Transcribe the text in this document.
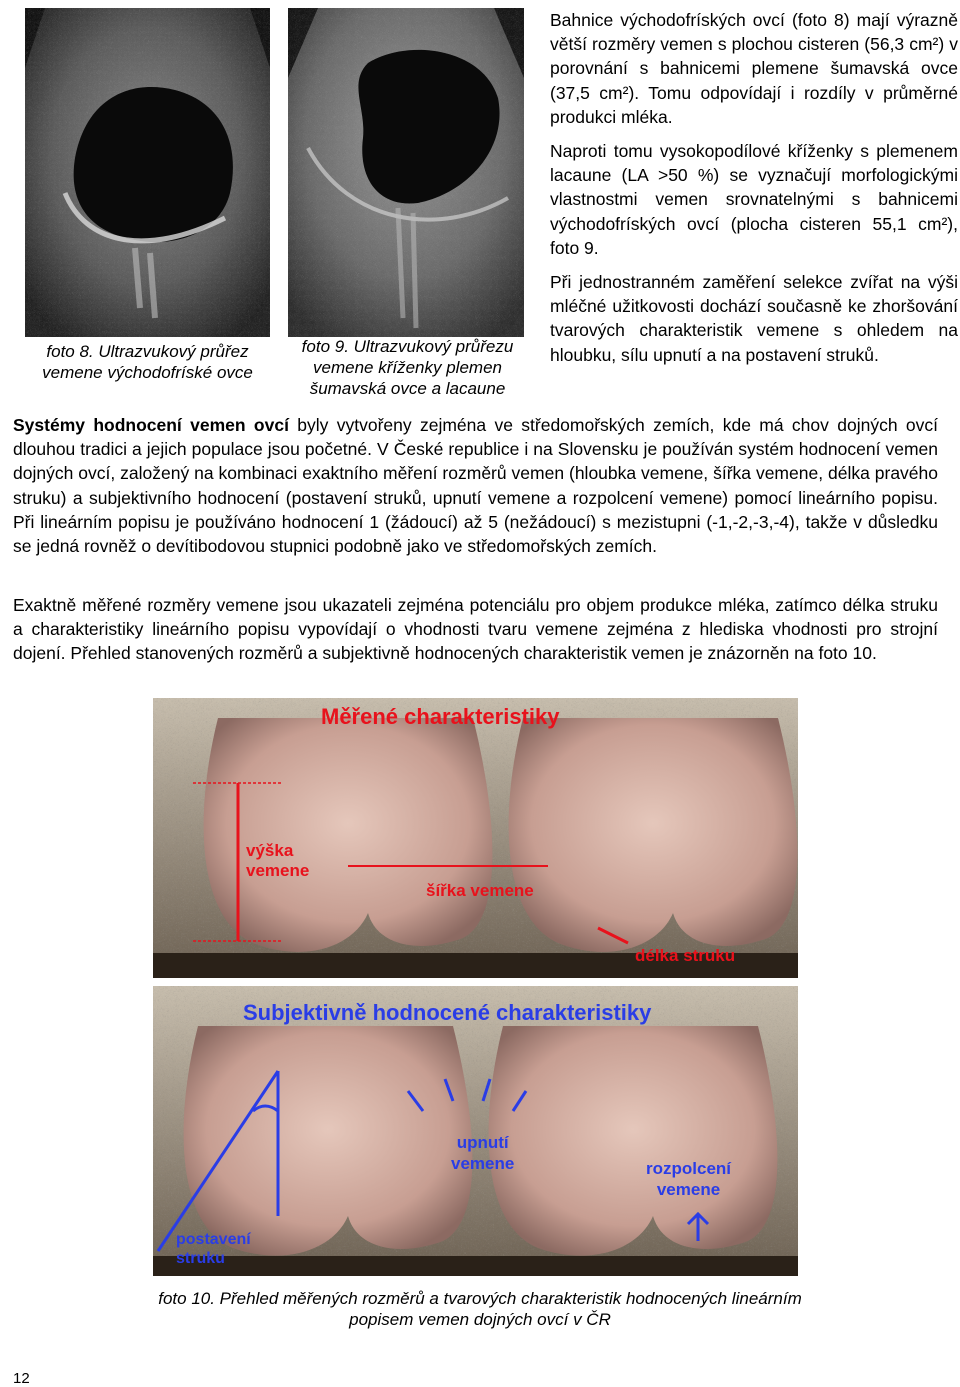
foto 8. Ultrazvukový průřez vemene východofríské ovce
foto 9. Ultrazvukový průřezu vemene kříženky plemen šumavská ovce a lacaune

Bahnice východofríských ovcí (foto 8) mají výrazně větší rozměry vemen s plochou cisteren (56,3 cm²) v porovnání s bahnicemi plemene šumavská ovce (37,5 cm²). Tomu odpovídají i rozdíly v průměrné produkci mléka.

Naproti tomu vysokopodílové kříženky s plemenem lacaune (LA >50 %) se vyznačují morfologickými vlastnostmi vemen srovnatelnými s bahnicemi východofríských ovcí (plocha cisteren 55,1 cm²), foto 9.

Při jednostranném zaměření selekce zvířat na výši mléčné užitkovosti dochází současně ke zhoršování tvarových charakteristik vemene s ohledem na hloubku, sílu upnutí a na postavení struků.

Systémy hodnocení vemen ovcí byly vytvořeny zejména ve středomořských zemích, kde má chov dojných ovcí dlouhou tradici a jejich populace jsou početné. V České republice i na Slovensku je používán systém hodnocení vemen dojných ovcí, založený na kombinaci exaktního měření rozměrů vemen (hloubka vemene, šířka vemene, délka pravého struku) a subjektivního hodnocení (postavení struků, upnutí vemene a rozpolcení vemene) pomocí lineárního popisu. Při lineárním popisu je používáno hodnocení 1 (žádoucí) až 5 (nežádoucí) s mezistupni (-1,-2,-3,-4), takže v důsledku se jedná rovněž o devítibodovou stupnici podobně jako ve středomořských zemích.

Exaktně měřené rozměry vemene jsou ukazateli zejména potenciálu pro objem produkce mléka, zatímco délka struku a charakteristiky lineárního popisu vypovídají o vhodnosti tvaru vemene zejména z hlediska vhodnosti pro strojní dojení. Přehled stanovených rozměrů a subjektivně hodnocených charakteristik vemen je znázorněn na foto 10.

Měřené charakteristiky
výška
vemene
šířka vemene
délka struku
Subjektivně hodnocené charakteristiky
postavení
struku
upnutí
vemene	rozpolcení
vemene
foto 10. Přehled měřených rozměrů a tvarových charakteristik hodnocených lineárním popisem vemen dojných ovcí v ČR
12
